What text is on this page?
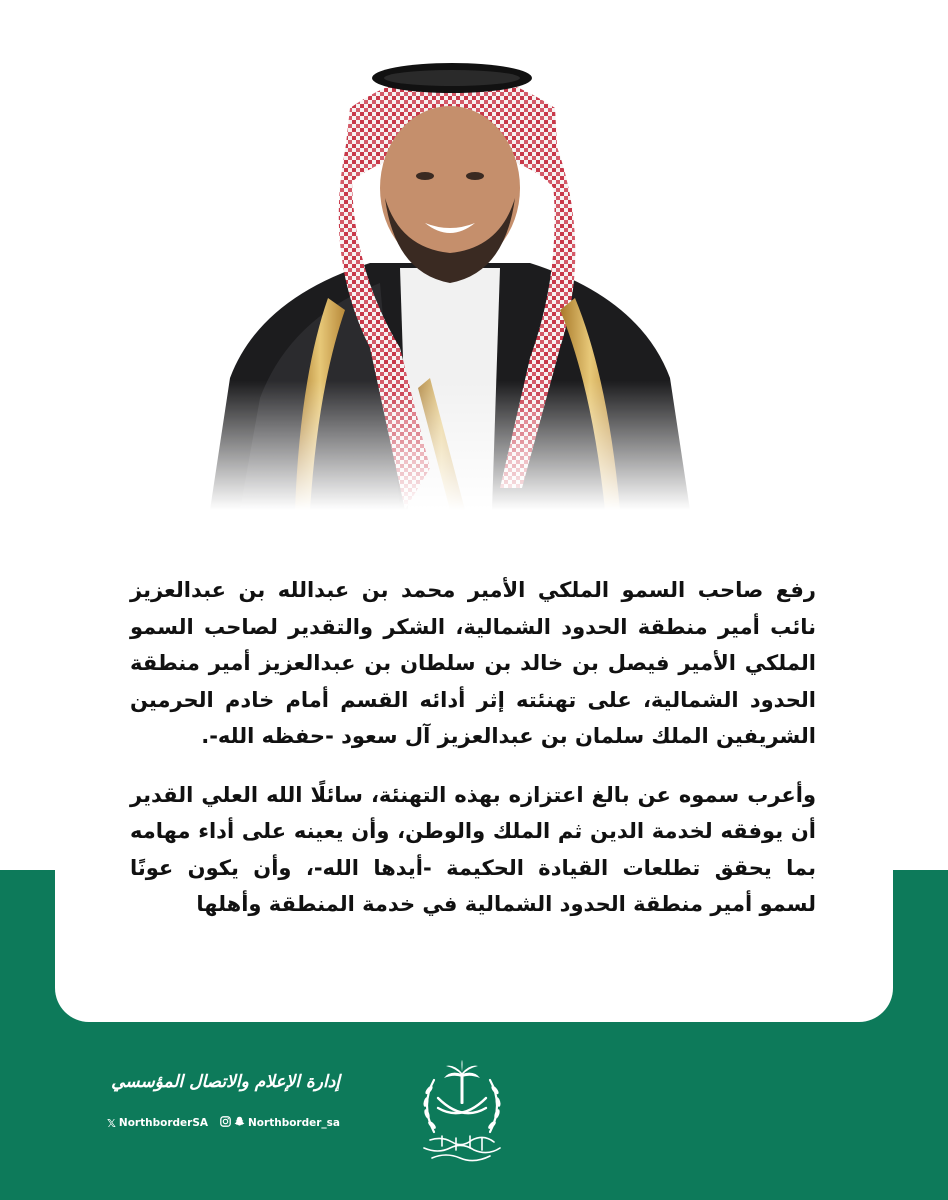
رفع صاحب السمو الملكي الأمير محمد بن عبدالله بن عبدالعزيز نائب أمير منطقة الحدود الشمالية، الشكر والتقدير لصاحب السمو الملكي الأمير فيصل بن خالد بن سلطان بن عبدالعزيز أمير منطقة الحدود الشمالية، على تهنئته إثر أدائه القسم أمام خادم الحرمين الشريفين الملك سلمان بن عبدالعزيز آل سعود -حفظه الله-.

وأعرب سموه عن بالغ اعتزازه بهذه التهنئة، سائلًا الله العلي القدير أن يوفقه لخدمة الدين ثم الملك والوطن، وأن يعينه على أداء مهامه بما يحقق تطلعات القيادة الحكيمة -أيدها الله-، وأن يكون عونًا لسمو أمير منطقة الحدود الشمالية في خدمة المنطقة وأهلها

إدارة الإعلام والاتصال المؤسسي
𝕏 NorthborderSA	Northborder_sa
